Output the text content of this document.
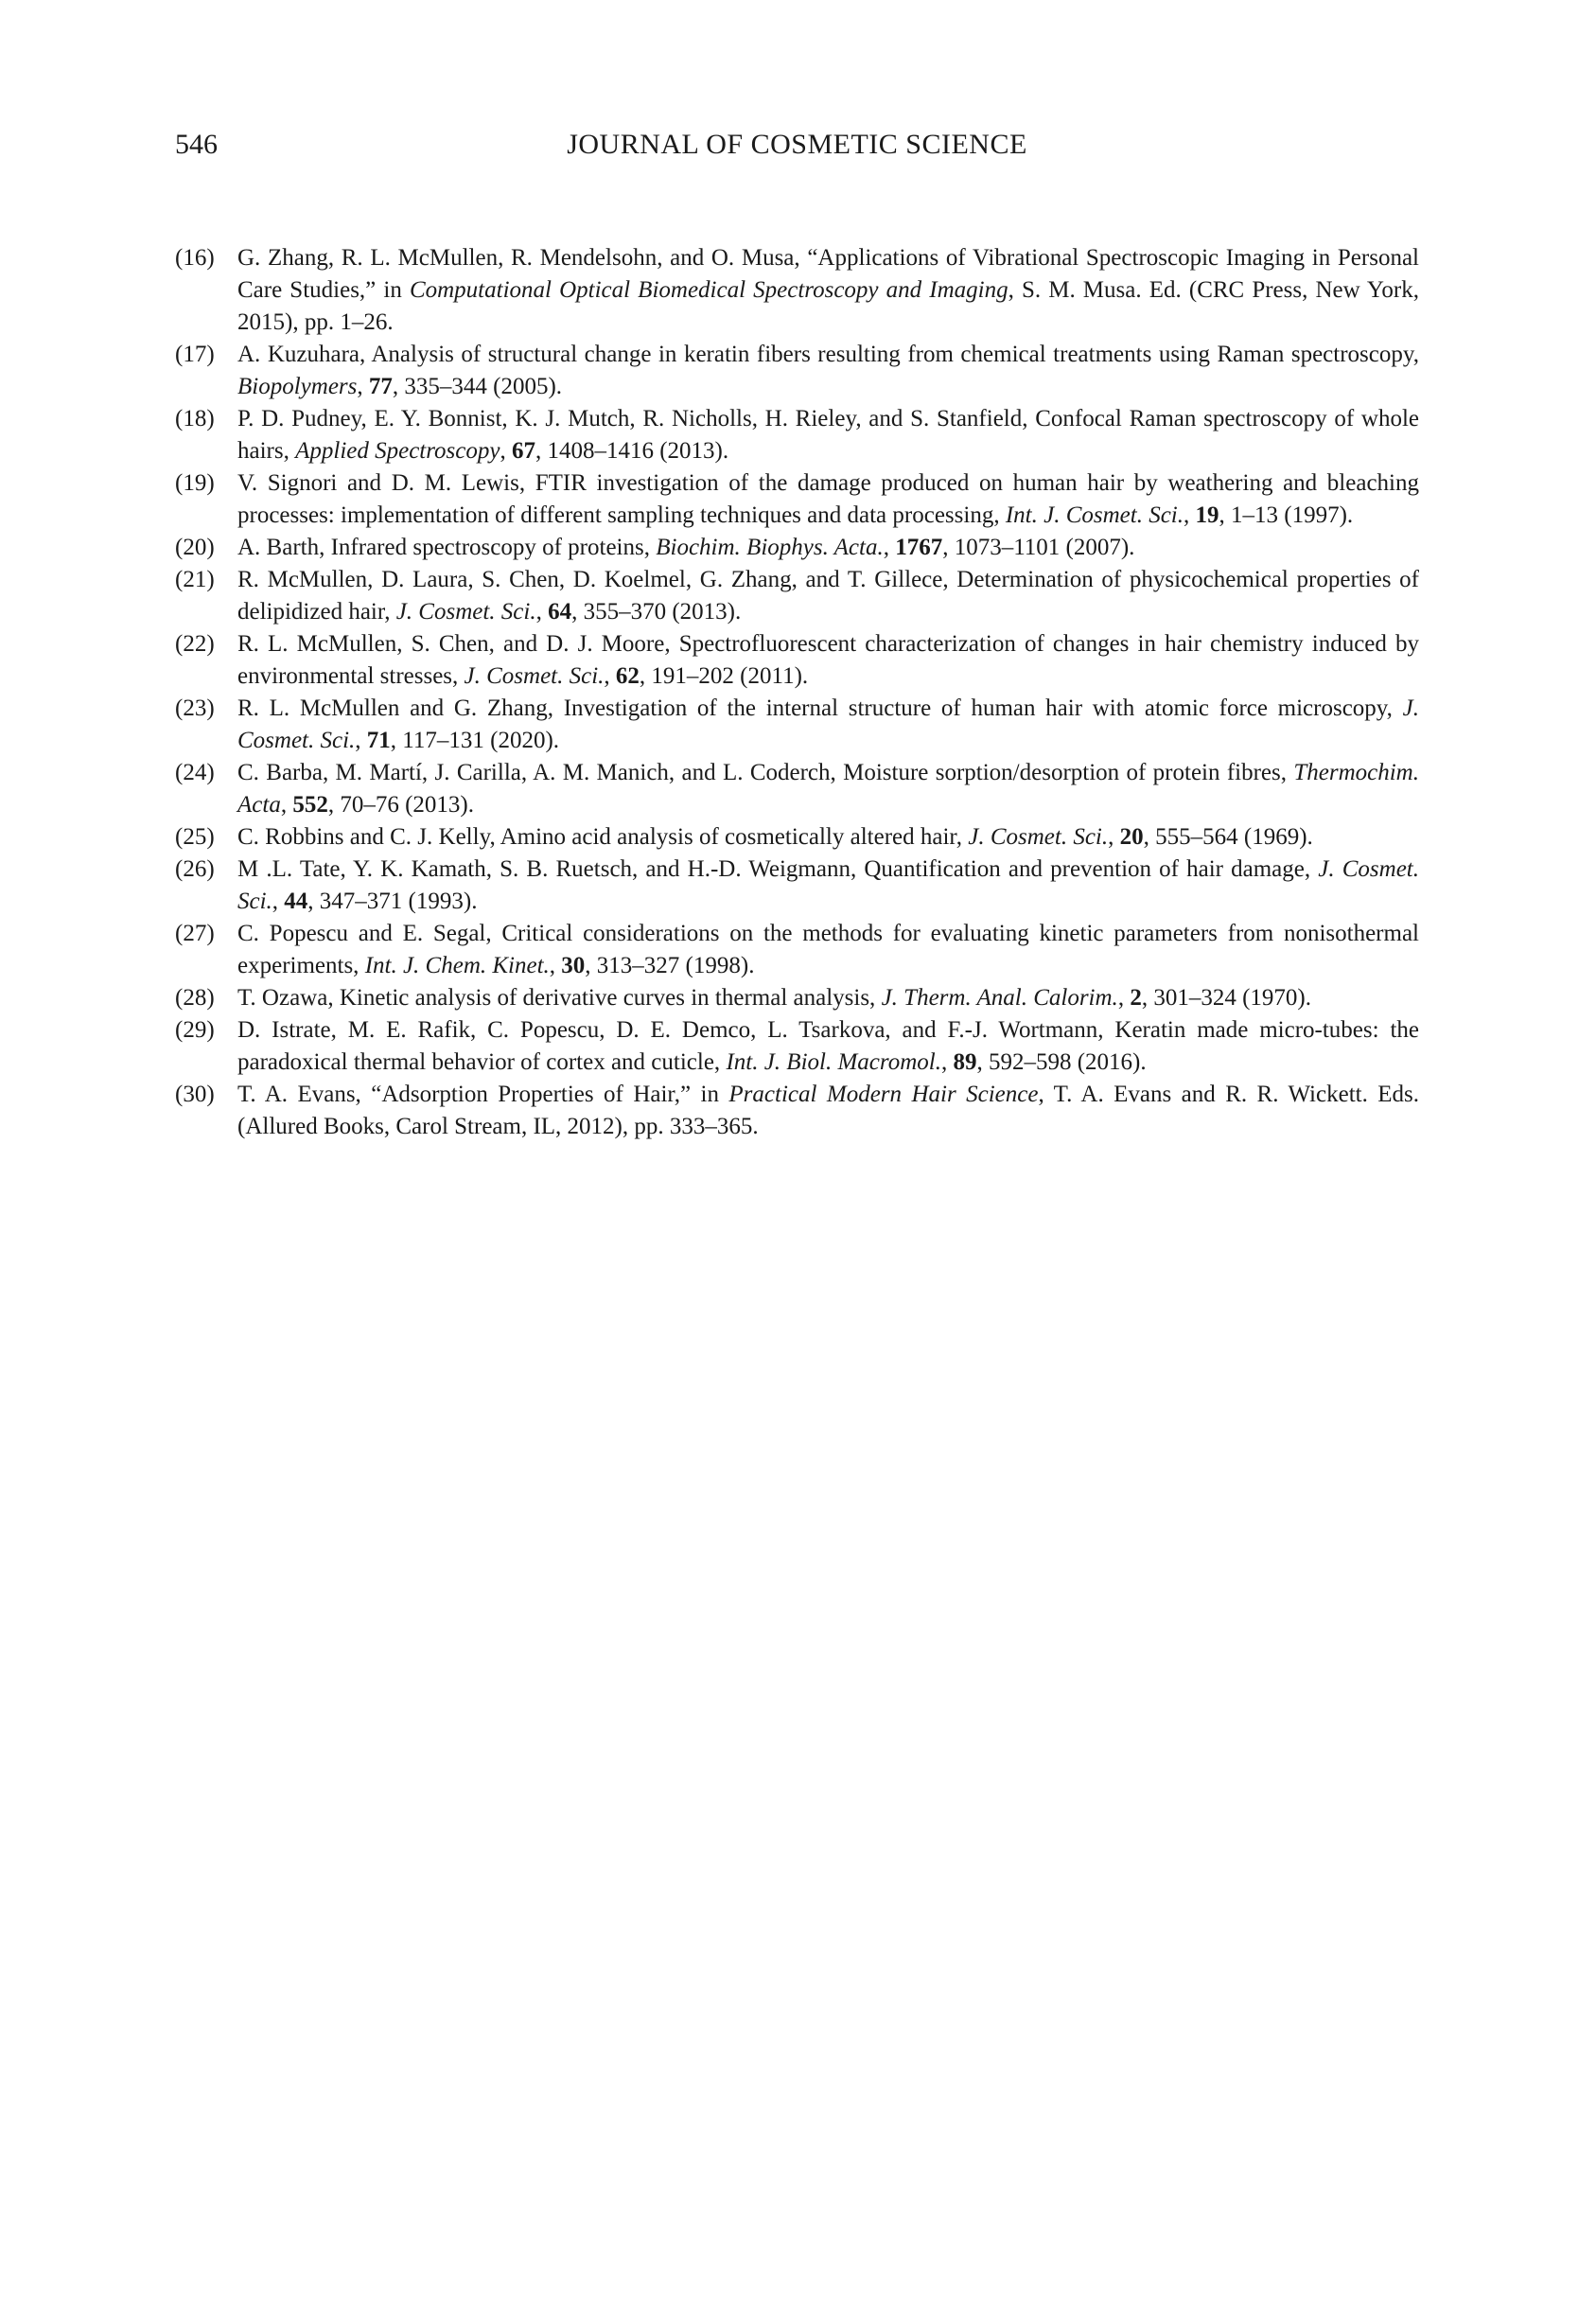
546	JOURNAL OF COSMETIC SCIENCE
(16) G. Zhang, R. L. McMullen, R. Mendelsohn, and O. Musa, “Applications of Vibrational Spectroscopic Imaging in Personal Care Studies,” in Computational Optical Biomedical Spectroscopy and Imaging, S. M. Musa. Ed. (CRC Press, New York, 2015), pp. 1–26.
(17) A. Kuzuhara, Analysis of structural change in keratin fibers resulting from chemical treatments using Raman spectroscopy, Biopolymers, 77, 335–344 (2005).
(18) P. D. Pudney, E. Y. Bonnist, K. J. Mutch, R. Nicholls, H. Rieley, and S. Stanfield, Confocal Raman spectroscopy of whole hairs, Applied Spectroscopy, 67, 1408–1416 (2013).
(19) V. Signori and D. M. Lewis, FTIR investigation of the damage produced on human hair by weathering and bleaching processes: implementation of different sampling techniques and data processing, Int. J. Cosmet. Sci., 19, 1–13 (1997).
(20) A. Barth, Infrared spectroscopy of proteins, Biochim. Biophys. Acta., 1767, 1073–1101 (2007).
(21) R. McMullen, D. Laura, S. Chen, D. Koelmel, G. Zhang, and T. Gillece, Determination of physicochemical properties of delipidized hair, J. Cosmet. Sci., 64, 355–370 (2013).
(22) R. L. McMullen, S. Chen, and D. J. Moore, Spectrofluorescent characterization of changes in hair chemistry induced by environmental stresses, J. Cosmet. Sci., 62, 191–202 (2011).
(23) R. L. McMullen and G. Zhang, Investigation of the internal structure of human hair with atomic force microscopy, J. Cosmet. Sci., 71, 117–131 (2020).
(24) C. Barba, M. Martí, J. Carilla, A. M. Manich, and L. Coderch, Moisture sorption/desorption of protein fibres, Thermochim. Acta, 552, 70–76 (2013).
(25) C. Robbins and C. J. Kelly, Amino acid analysis of cosmetically altered hair, J. Cosmet. Sci., 20, 555–564 (1969).
(26) M .L. Tate, Y. K. Kamath, S. B. Ruetsch, and H.-D. Weigmann, Quantification and prevention of hair damage, J. Cosmet. Sci., 44, 347–371 (1993).
(27) C. Popescu and E. Segal, Critical considerations on the methods for evaluating kinetic parameters from nonisothermal experiments, Int. J. Chem. Kinet., 30, 313–327 (1998).
(28) T. Ozawa, Kinetic analysis of derivative curves in thermal analysis, J. Therm. Anal. Calorim., 2, 301–324 (1970).
(29) D. Istrate, M. E. Rafik, C. Popescu, D. E. Demco, L. Tsarkova, and F.-J. Wortmann, Keratin made micro-tubes: the paradoxical thermal behavior of cortex and cuticle, Int. J. Biol. Macromol., 89, 592–598 (2016).
(30) T. A. Evans, “Adsorption Properties of Hair,” in Practical Modern Hair Science, T. A. Evans and R. R. Wickett. Eds. (Allured Books, Carol Stream, IL, 2012), pp. 333–365.
